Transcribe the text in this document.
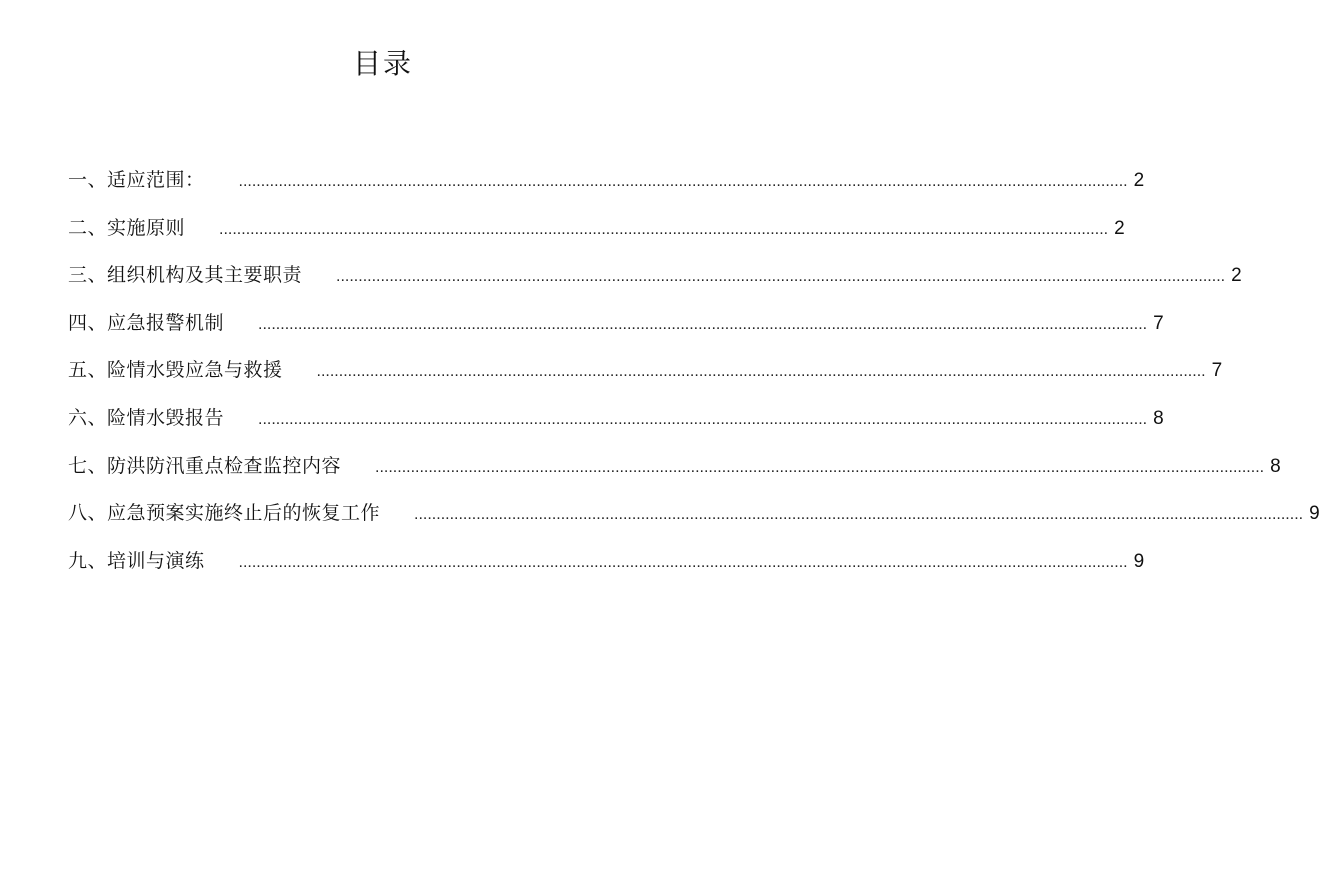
目录
一、适应范围： ........................................................................................................................................................................................................ 2
二、实施原则 ........................................................................................................................................................................................................ 2
三、组织机构及其主要职责 ........................................................................................................................................................................................................ 2
四、应急报警机制 ........................................................................................................................................................................................................ 7
五、险情水毁应急与救援 ........................................................................................................................................................................................................ 7
六、险情水毁报告 ........................................................................................................................................................................................................ 8
七、防洪防汛重点检查监控内容 ........................................................................................................................................................................................................ 8
八、应急预案实施终止后的恢复工作 ........................................................................................................................................................................................................ 9
九、培训与演练 ........................................................................................................................................................................................................ 9
